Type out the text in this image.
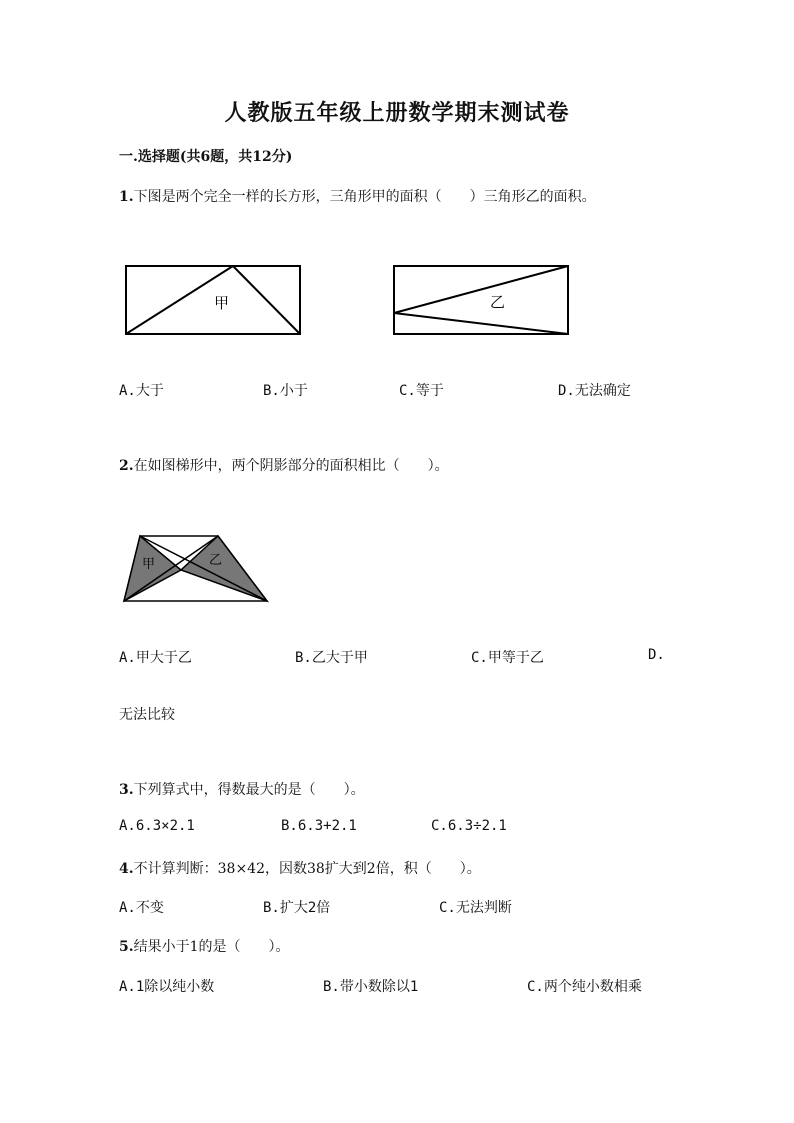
人教版五年级上册数学期末测试卷
一.选择题(共6题，共12分)
1.下图是两个完全一样的长方形，三角形甲的面积（　　）三角形乙的面积。
甲	乙
A.大于	B.小于	C.等于	D.无法确定
2.在如图梯形中，两个阴影部分的面积相比（　　）。
甲	乙
A.甲大于乙	B.乙大于甲	C.甲等于乙	D.
无法比较
3.下列算式中，得数最大的是（　　）。
A.6.3×2.1	B.6.3+2.1	C.6.3÷2.1
4.不计算判断：38×42，因数38扩大到2倍，积（　　）。
A.不变	B.扩大2倍	C.无法判断
5.结果小于1的是（　　）。
A.1除以纯小数	B.带小数除以1	C.两个纯小数相乘
